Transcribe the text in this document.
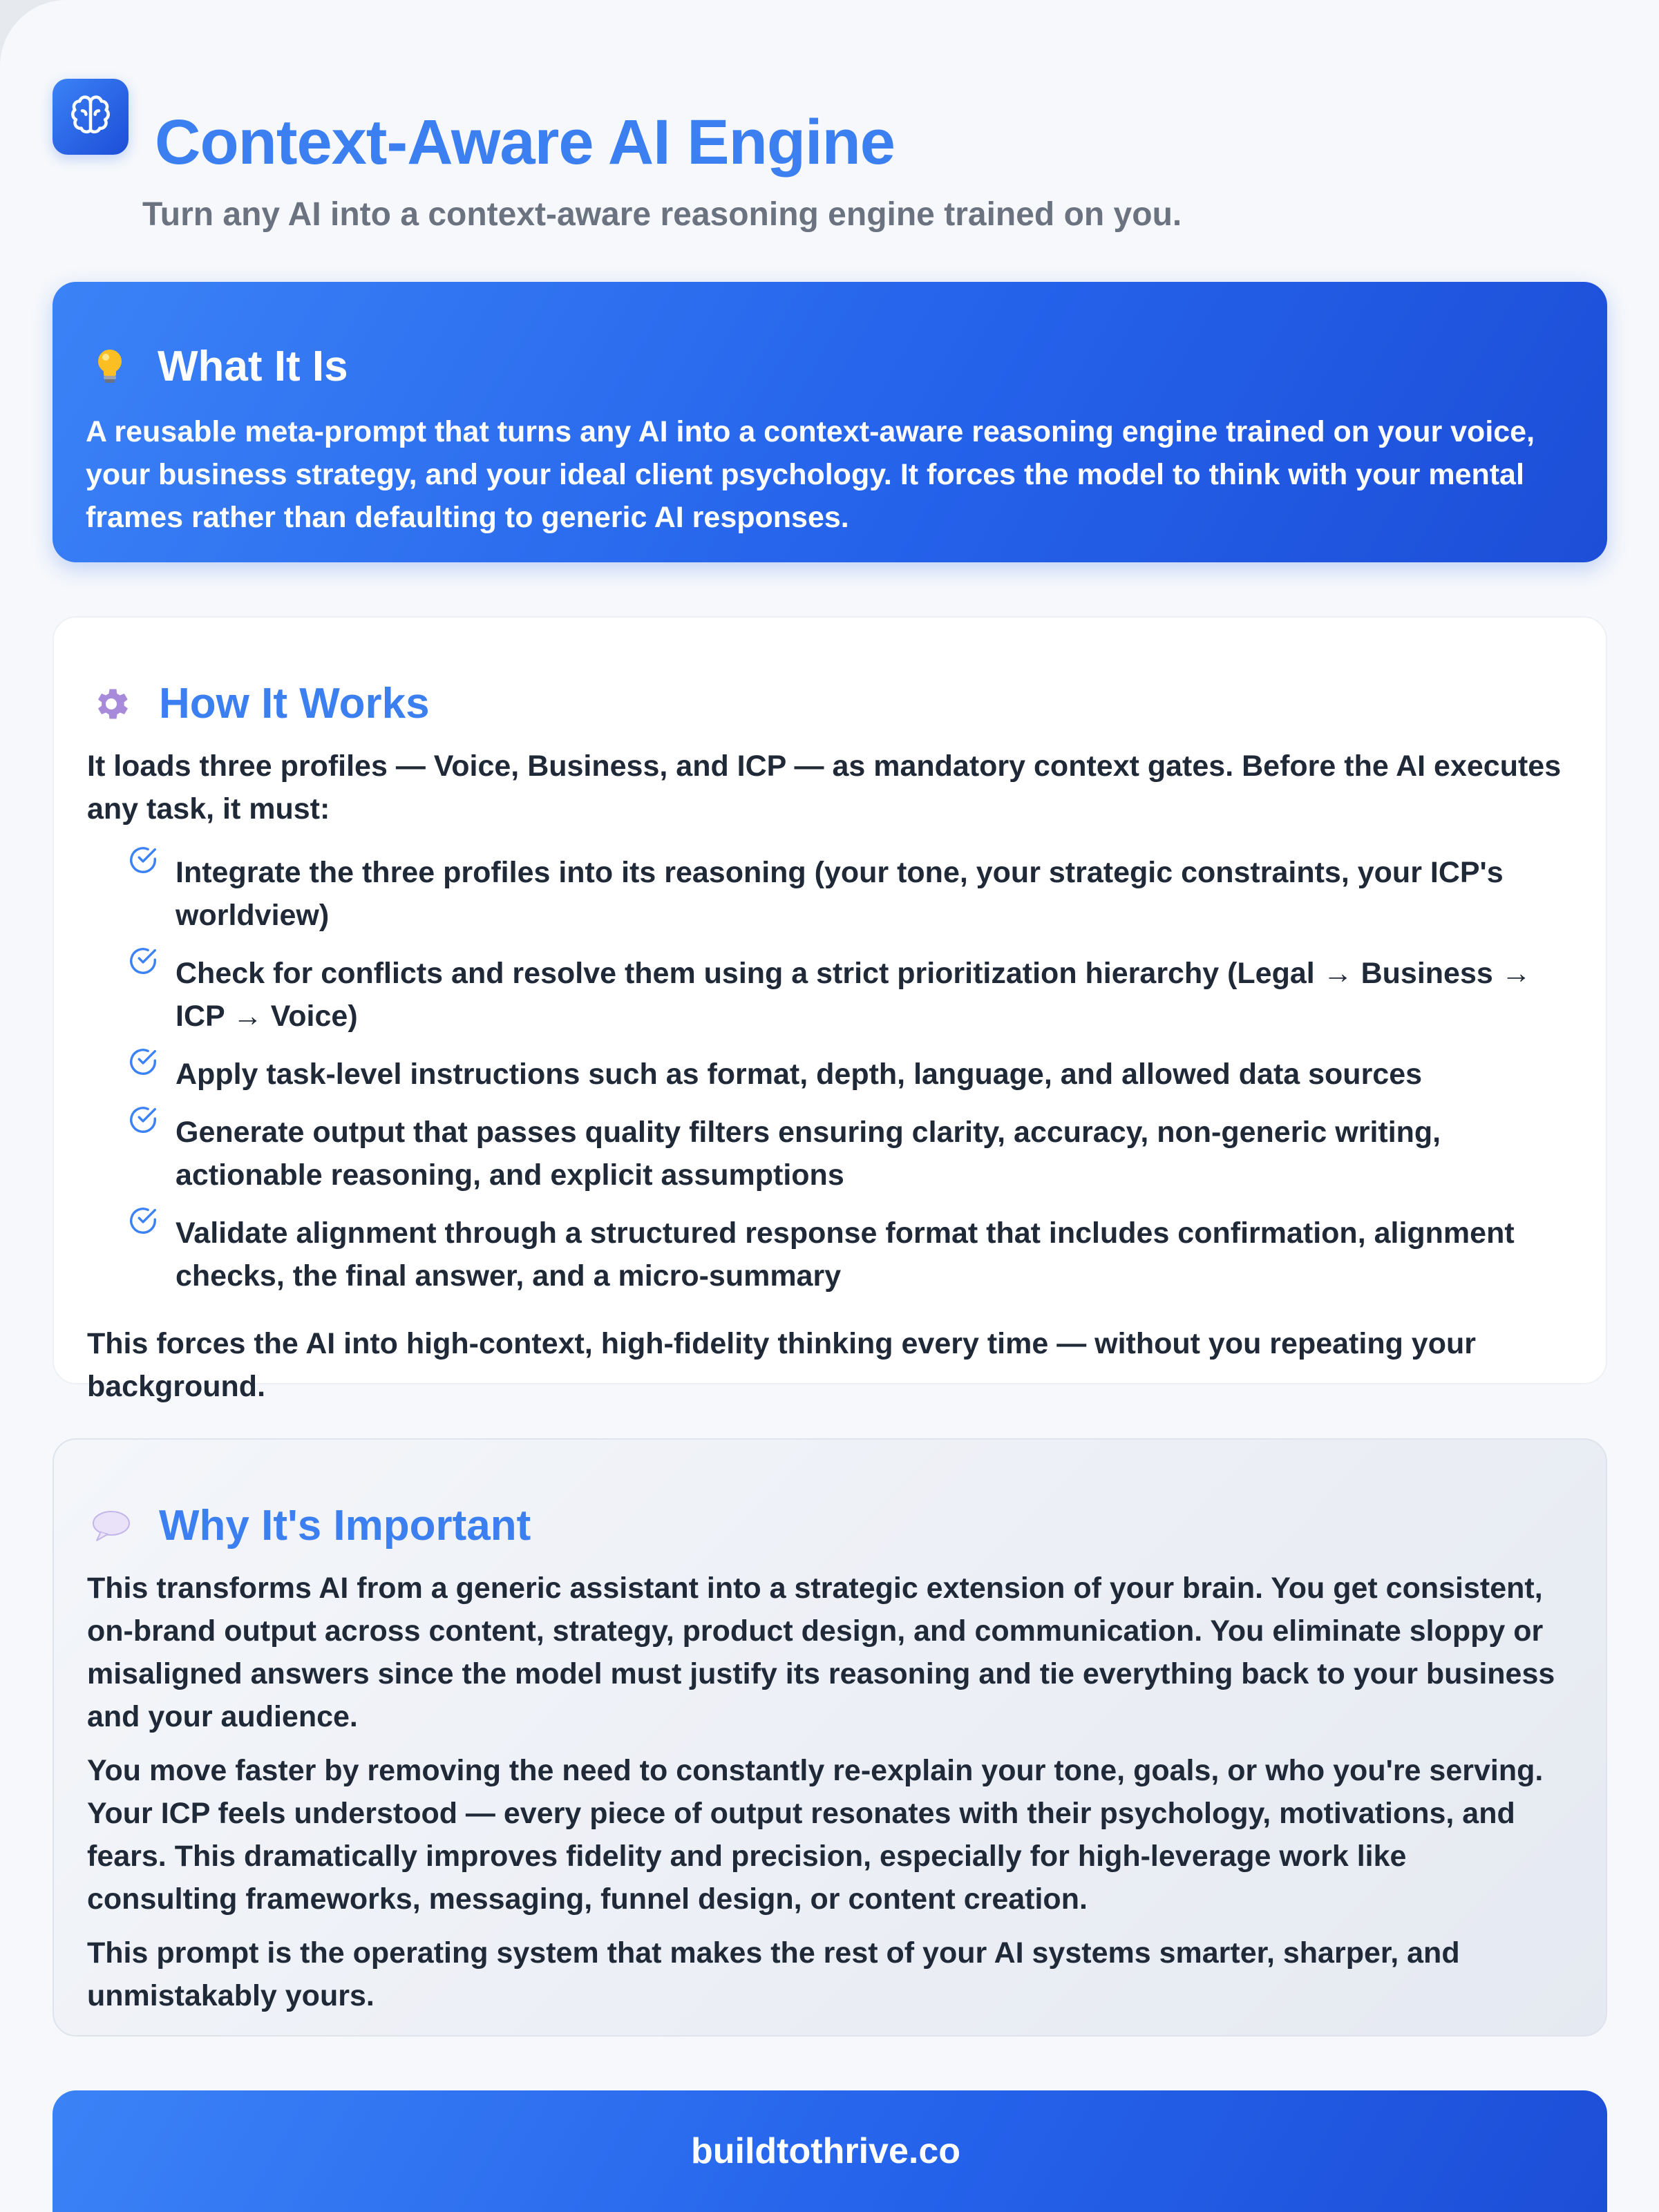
Context-Aware AI Engine

Turn any AI into a context-aware reasoning engine trained on you.

What It Is

A reusable meta-prompt that turns any AI into a context-aware reasoning engine trained on your voice, your business strategy, and your ideal client psychology. It forces the model to think with your mental frames rather than defaulting to generic AI responses.

How It Works

It loads three profiles — Voice, Business, and ICP — as mandatory context gates. Before the AI executes any task, it must:

Integrate the three profiles into its reasoning (your tone, your strategic constraints, your ICP's worldview)
Check for conflicts and resolve them using a strict prioritization hierarchy (Legal → Business → ICP → Voice)
Apply task-level instructions such as format, depth, language, and allowed data sources
Generate output that passes quality filters ensuring clarity, accuracy, non-generic writing, actionable reasoning, and explicit assumptions
Validate alignment through a structured response format that includes confirmation, alignment checks, the final answer, and a micro-summary

This forces the AI into high-context, high-fidelity thinking every time — without you repeating your background.

Why It's Important

This transforms AI from a generic assistant into a strategic extension of your brain. You get consistent, on-brand output across content, strategy, product design, and communication. You eliminate sloppy or misaligned answers since the model must justify its reasoning and tie everything back to your business and your audience.

You move faster by removing the need to constantly re-explain your tone, goals, or who you're serving. Your ICP feels understood — every piece of output resonates with their psychology, motivations, and fears. This dramatically improves fidelity and precision, especially for high-leverage work like consulting frameworks, messaging, funnel design, or content creation.

This prompt is the operating system that makes the rest of your AI systems smarter, sharper, and unmistakably yours.

buildtothrive.co
